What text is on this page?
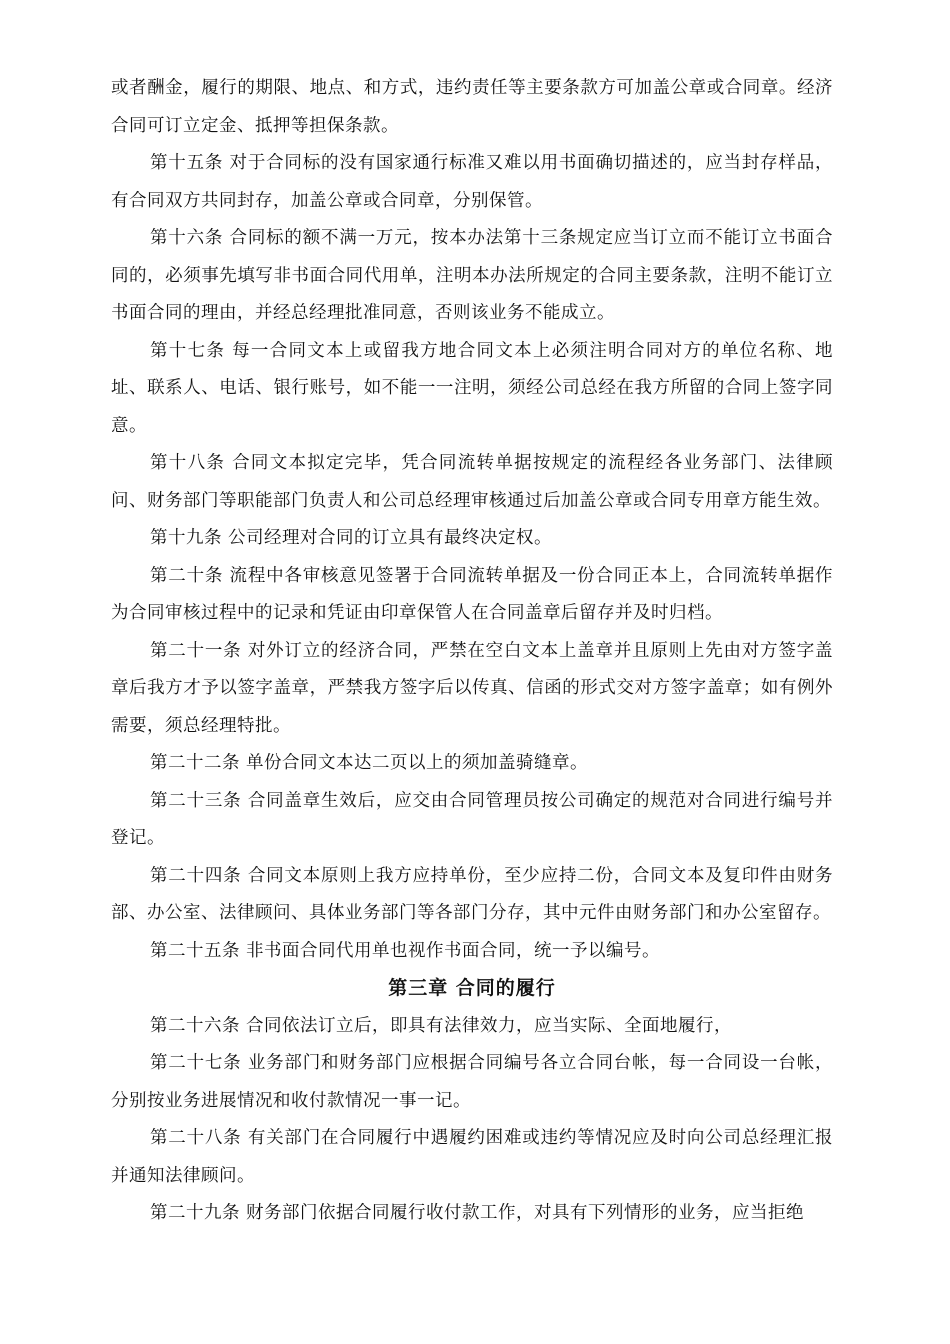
或者酬金，履行的期限、地点、和方式，违约责任等主要条款方可加盖公章或合同章。经济合同可订立定金、抵押等担保条款。

第十五条 对于合同标的没有国家通行标准又难以用书面确切描述的，应当封存样品，有合同双方共同封存，加盖公章或合同章，分别保管。

第十六条 合同标的额不满一万元，按本办法第十三条规定应当订立而不能订立书面合同的，必须事先填写非书面合同代用单，注明本办法所规定的合同主要条款，注明不能订立书面合同的理由，并经总经理批准同意，否则该业务不能成立。

第十七条 每一合同文本上或留我方地合同文本上必须注明合同对方的单位名称、地址、联系人、电话、银行账号，如不能一一注明，须经公司总经在我方所留的合同上签字同意。

第十八条 合同文本拟定完毕，凭合同流转单据按规定的流程经各业务部门、法律顾问、财务部门等职能部门负责人和公司总经理审核通过后加盖公章或合同专用章方能生效。

第十九条 公司经理对合同的订立具有最终决定权。

第二十条 流程中各审核意见签署于合同流转单据及一份合同正本上，合同流转单据作为合同审核过程中的记录和凭证由印章保管人在合同盖章后留存并及时归档。

第二十一条 对外订立的经济合同，严禁在空白文本上盖章并且原则上先由对方签字盖章后我方才予以签字盖章，严禁我方签字后以传真、信函的形式交对方签字盖章；如有例外需要，须总经理特批。

第二十二条 单份合同文本达二页以上的须加盖骑缝章。

第二十三条 合同盖章生效后，应交由合同管理员按公司确定的规范对合同进行编号并登记。

第二十四条 合同文本原则上我方应持单份，至少应持二份，合同文本及复印件由财务部、办公室、法律顾问、具体业务部门等各部门分存，其中元件由财务部门和办公室留存。

第二十五条 非书面合同代用单也视作书面合同，统一予以编号。

第三章 合同的履行

第二十六条 合同依法订立后，即具有法律效力，应当实际、全面地履行，

第二十七条 业务部门和财务部门应根据合同编号各立合同台帐，每一合同设一台帐，分别按业务进展情况和收付款情况一事一记。

第二十八条 有关部门在合同履行中遇履约困难或违约等情况应及时向公司总经理汇报并通知法律顾问。

第二十九条 财务部门依据合同履行收付款工作，对具有下列情形的业务，应当拒绝
